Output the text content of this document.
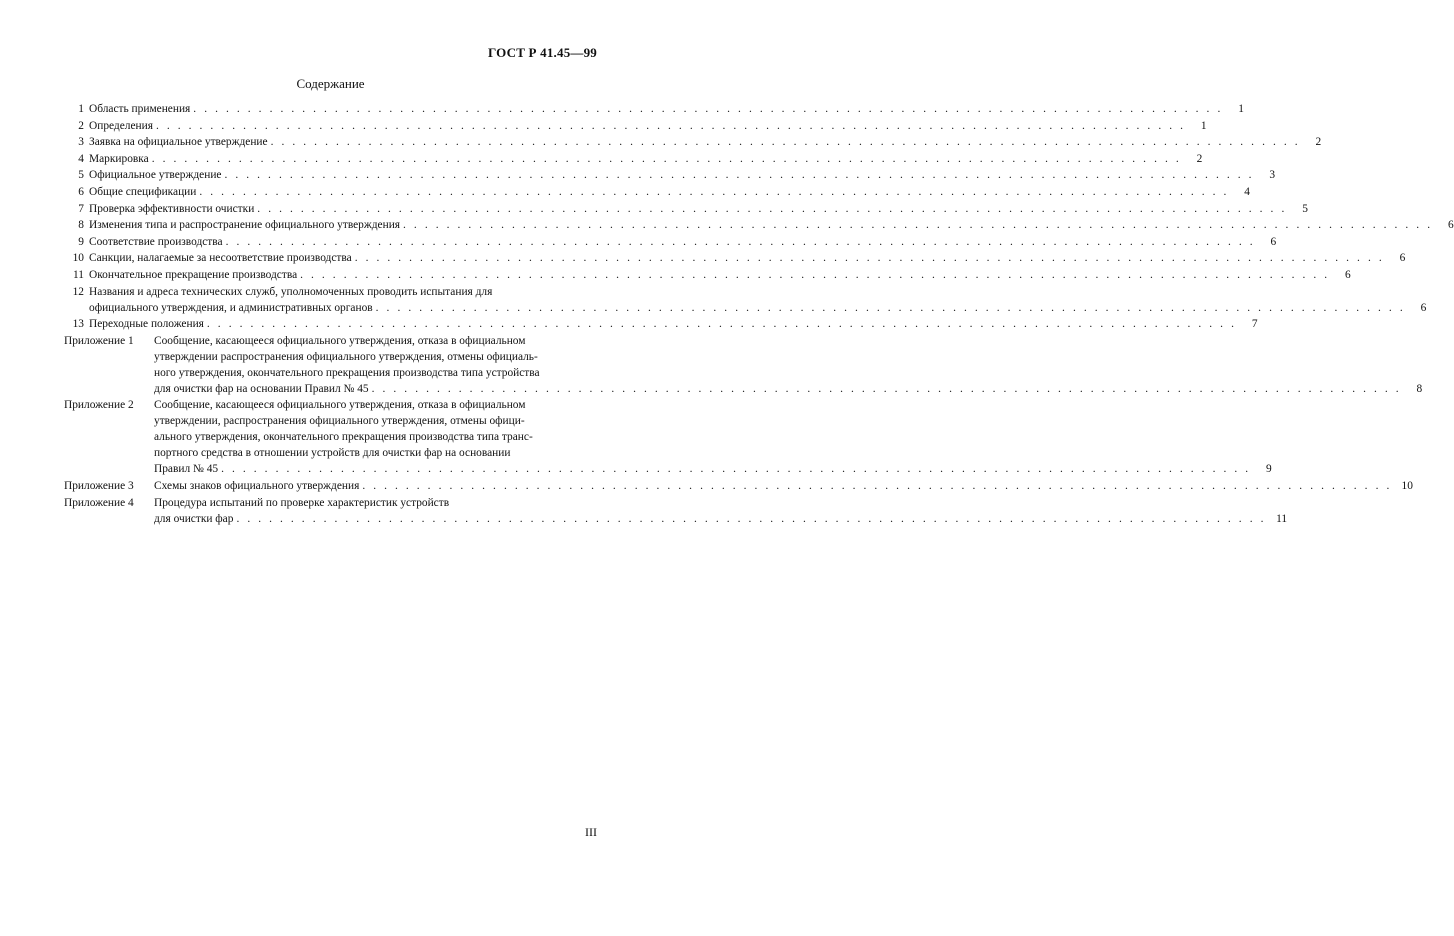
ГОСТ Р 41.45—99
Содержание
1 Область применения . . .	1
2 Определения . . .	1
3 Заявка на официальное утверждение . . .	2
4 Маркировка . . .	2
5 Официальное утверждение . . .	3
6 Общие спецификации . . .	4
7 Проверка эффективности очистки . . .	5
8 Изменения типа и распространение официального утверждения . . .	6
9 Соответствие производства . . .	6
10 Санкции, налагаемые за несоответствие производства . . .	6
11 Окончательное прекращение производства . . .	6
12 Названия и адреса технических служб, уполномоченных проводить испытания для
официального утверждения, и административных органов . . .	6
13 Переходные положения . . .	7
Приложение 1	Сообщение, касающееся официального утверждения, отказа в официальном
утверждении распространения официального утверждения, отмены официаль-
ного утверждения, окончательного прекращения производства типа устройства
для очистки фар на основании Правил № 45 . . .	8
Приложение 2	Сообщение, касающееся официального утверждения, отказа в официальном
утверждении, распространения официального утверждения, отмены офици-
ального утверждения, окончательного прекращения производства типа транс-
портного средства в отношении устройств для очистки фар на основании
Правил № 45 . . .	9
Приложение 3	Схемы знаков официального утверждения . . .	10
Приложение 4	Процедура испытаний по проверке характеристик устройств
для очистки фар . . .	11
III
